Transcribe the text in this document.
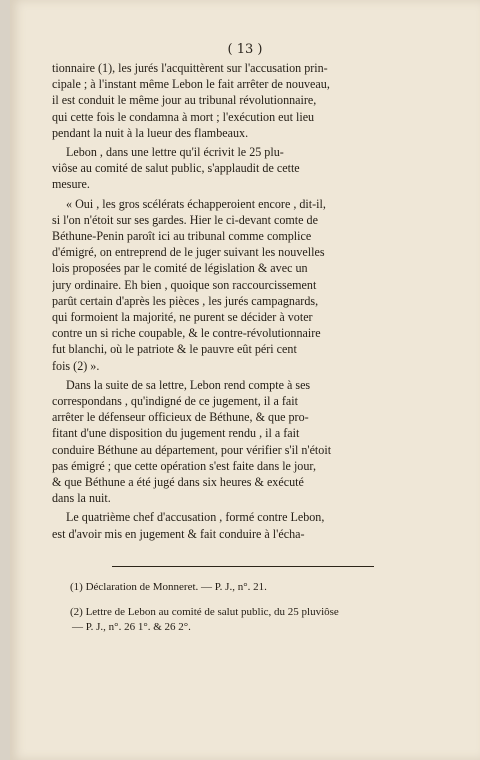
( 13 )
tionnaire (1), les jurés l'acquittèrent sur l'accusation prin-
cipale ; à l'instant même Lebon le fait arrêter de nouveau,
il est conduit le même jour au tribunal révolutionnaire,
qui cette fois le condamna à mort ; l'exécution eut lieu
pendant la nuit à la lueur des flambeaux.
Lebon , dans une lettre qu'il écrivit le 25 plu-
viôse au comité de salut public, s'applaudit de cette
mesure.
« Oui , les gros scélérats échapperoient encore , dit-il,
si l'on n'étoit sur ses gardes. Hier le ci-devant comte de
Béthune-Penin paroît ici au tribunal comme complice
d'émigré, on entreprend de le juger suivant les nouvelles
lois proposées par le comité de législation & avec un
jury ordinaire. Eh bien , quoique son raccourcissement
parût certain d'après les pièces , les jurés campagnards,
qui formoient la majorité, ne purent se décider à voter
contre un si riche coupable, & le contre-révolutionnaire
fut blanchi, où le patriote & le pauvre eût péri cent
fois (2) ».
Dans la suite de sa lettre, Lebon rend compte à ses
correspondans , qu'indigné de ce jugement, il a fait
arrêter le défenseur officieux de Béthune, & que pro-
fitant d'une disposition du jugement rendu , il a fait
conduire Béthune au département, pour vérifier s'il n'étoit
pas émigré ; que cette opération s'est faite dans le jour,
& que Béthune a été jugé dans six heures & exécuté
dans la nuit.
Le quatrième chef d'accusation , formé contre Lebon,
est d'avoir mis en jugement & fait conduire à l'écha-
(1) Déclaration de Monneret. — P. J., n°. 21.
(2) Lettre de Lebon au comité de salut public, du 25 pluviôse
— P. J., n°. 26 1°. & 26 2°.
